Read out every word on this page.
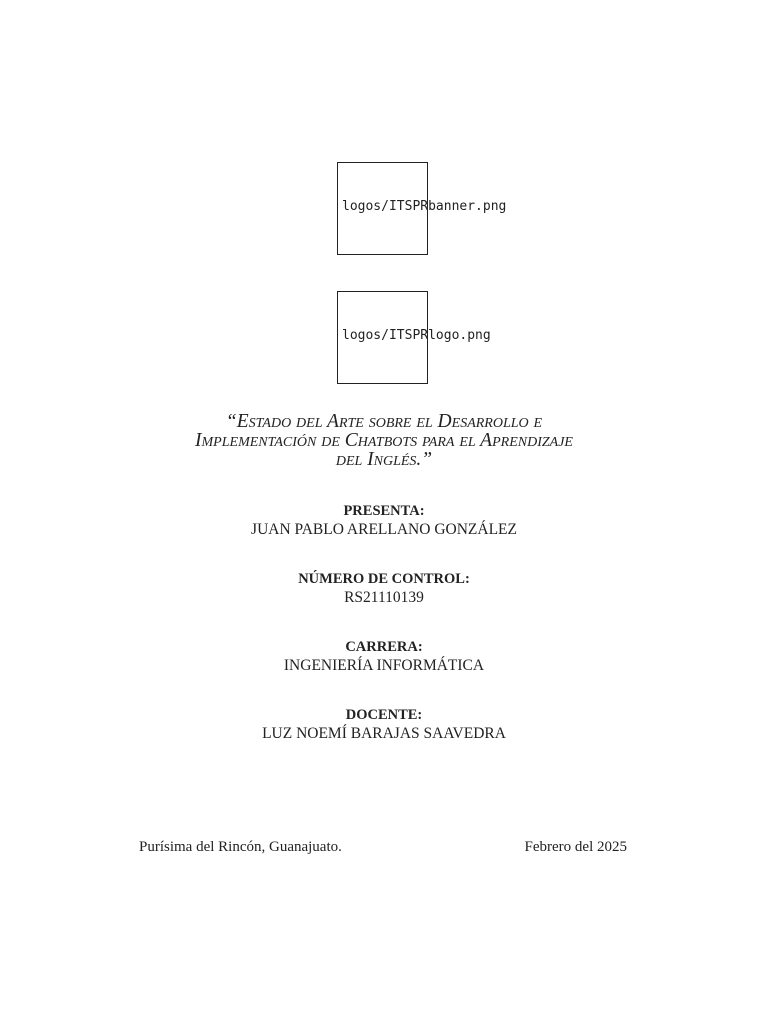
logos/ITSPRbanner.png
logos/ITSPRlogo.png
“Estado del Arte sobre el Desarrollo e
Implementación de Chatbots para el Aprendizaje
del Inglés.”
PRESENTA:
JUAN PABLO ARELLANO GONZÁLEZ
NÚMERO DE CONTROL:
RS21110139
CARRERA:
INGENIERÍA INFORMÁTICA
DOCENTE:
LUZ NOEMÍ BARAJAS SAAVEDRA
Purísima del Rincón, Guanajuato.	Febrero del 2025
